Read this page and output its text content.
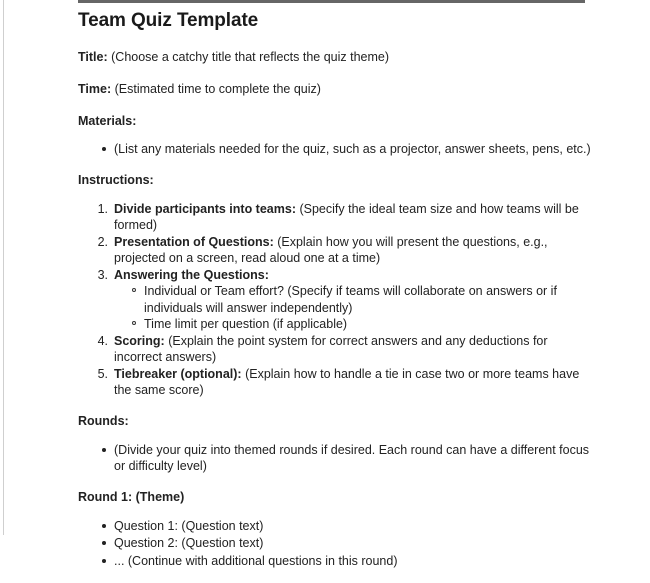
Team Quiz Template

Title: (Choose a catchy title that reflects the quiz theme)

Time: (Estimated time to complete the quiz)

Materials:

(List any materials needed for the quiz, such as a projector, answer sheets, pens, etc.)

Instructions:

Divide participants into teams: (Specify the ideal team size and how teams will be formed)
Presentation of Questions: (Explain how you will present the questions, e.g., projected on a screen, read aloud one at a time)
Answering the Questions:
Individual or Team effort? (Specify if teams will collaborate on answers or if individuals will answer independently)
Time limit per question (if applicable)
Scoring: (Explain the point system for correct answers and any deductions for incorrect answers)
Tiebreaker (optional): (Explain how to handle a tie in case two or more teams have the same score)

Rounds:

(Divide your quiz into themed rounds if desired. Each round can have a different focus or difficulty level)

Round 1: (Theme)

Question 1: (Question text)
Question 2: (Question text)
... (Continue with additional questions in this round)
